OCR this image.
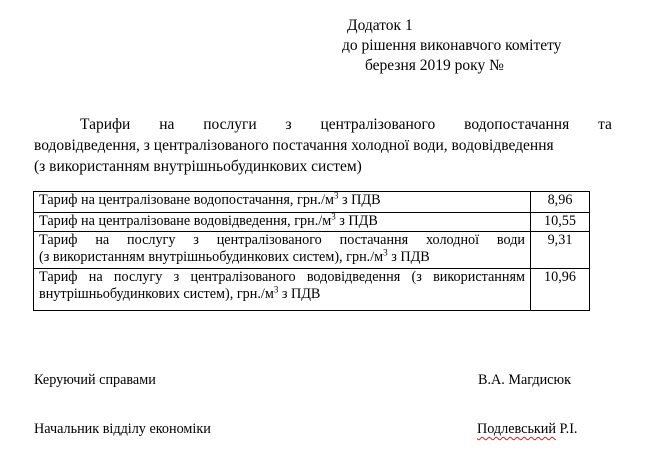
Додаток 1
до рішення виконавчого комітету
березня 2019 року №
Тарифи на послуги з централізованого водопостачання та
водовідведення, з централізованого постачання холодної води, водовідведення
(з використанням внутрішньобудинкових систем)
Тариф на централізоване водопостачання, $грн./м^3$ з ПДВ	8,96
Тариф на централізоване водовідведення, $грн./м^3$ з ПДВ	10,55

Тариф на послугу з централізованого постачання холодної води
(з використанням внутрішньобудинкових систем), $грн./м^3$ з ПДВ	9,31

Тариф на послугу з централізованого водовідведення (з використанням
внутрішньобудинкових систем), $грн./м^3$ з ПДВ	10,96
Керуючий справами	В.А. Магдисюк
Начальник відділу економіки	Подлевський Р.І.
